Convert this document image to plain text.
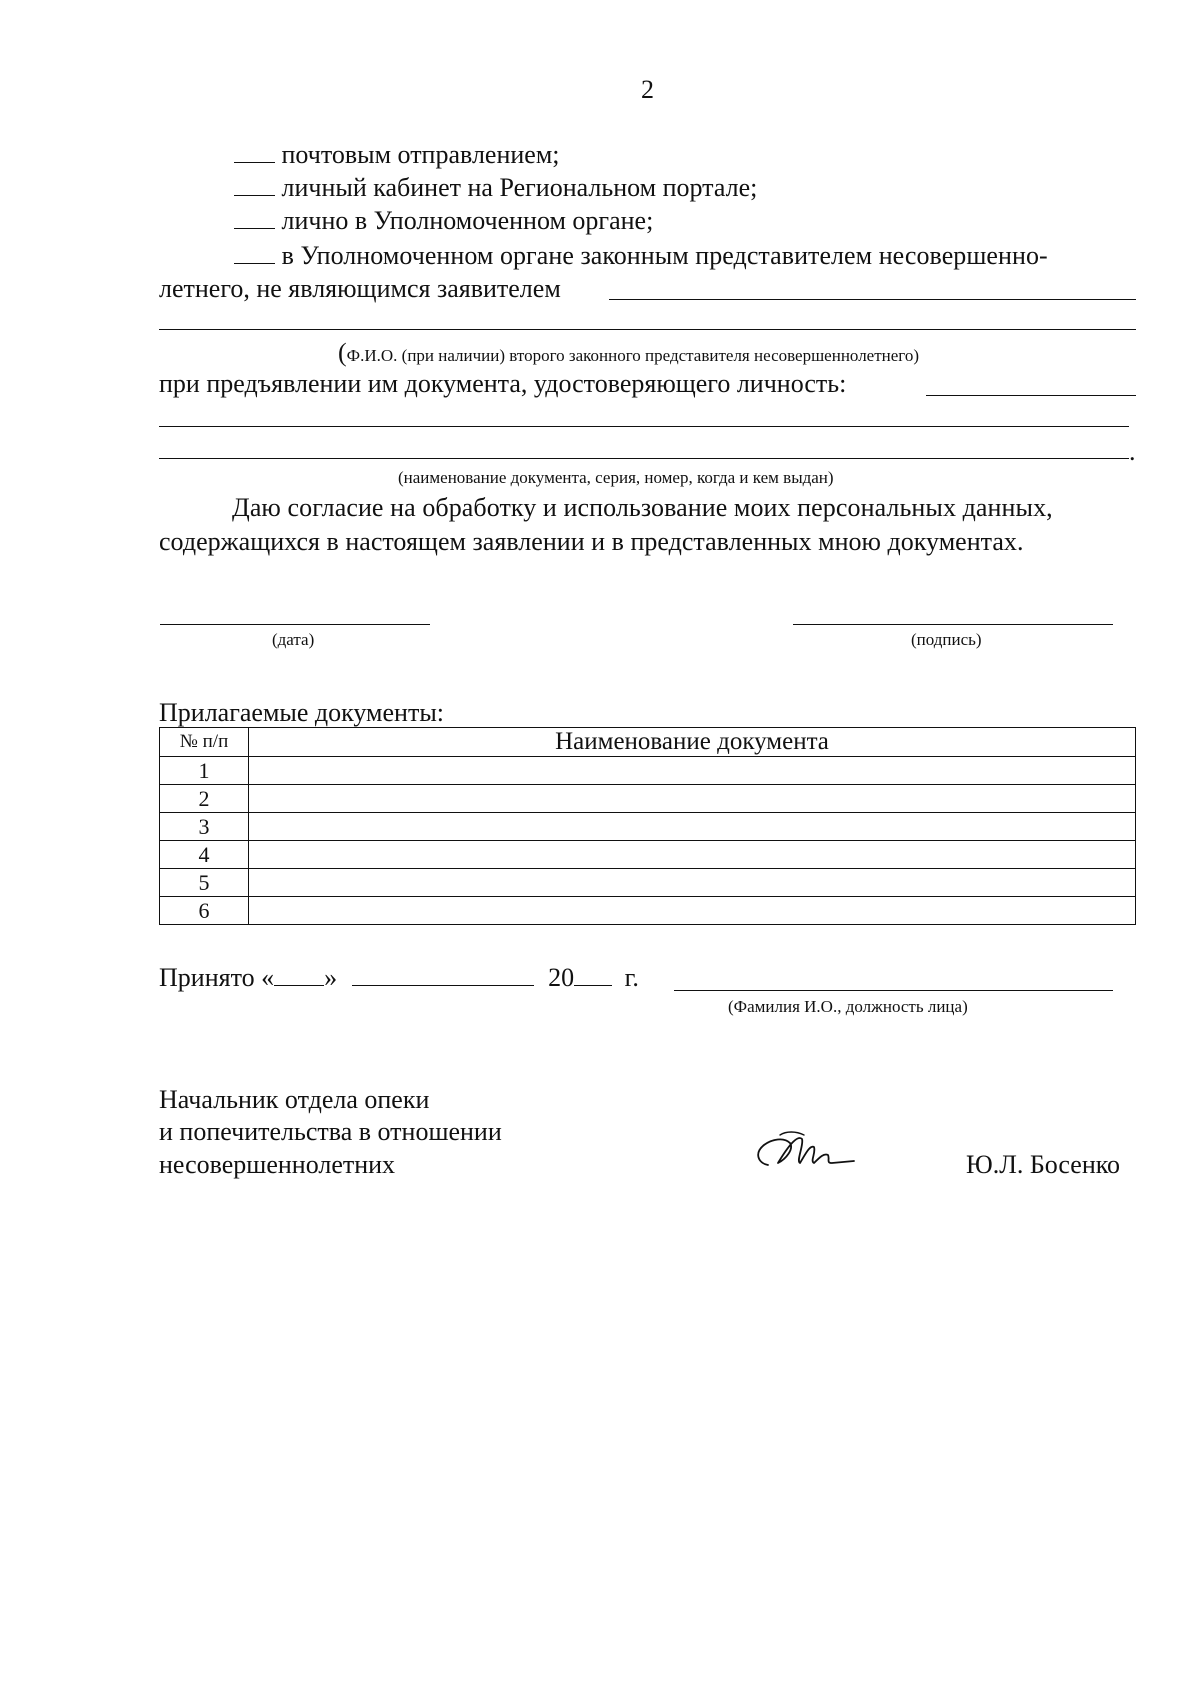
2
почтовым отправлением;
личный кабинет на Региональном портале;
лично в Уполномоченном органе;
в Уполномоченном органе законным представителем несовершенно-
летнего, не являющимся заявителем
(Ф.И.О. (при наличии) второго законного представителя несовершеннолетнего)
при предъявлении им документа, удостоверяющего личность:
.
(наименование документа, серия, номер, когда и кем выдан)
Даю согласие на обработку и использование моих персональных данных,
содержащихся в настоящем заявлении и в представленных мною документах.
(дата)	(подпись)
Прилагаемые документы:
№ п/п	Наименование документа
1	
2	
3	
4	
5	
6	
Принято « »	20 г.
(Фамилия И.О., должность лица)
Начальник отдела опеки
и попечительства в отношении
несовершеннолетних	Ю.Л. Босенко
